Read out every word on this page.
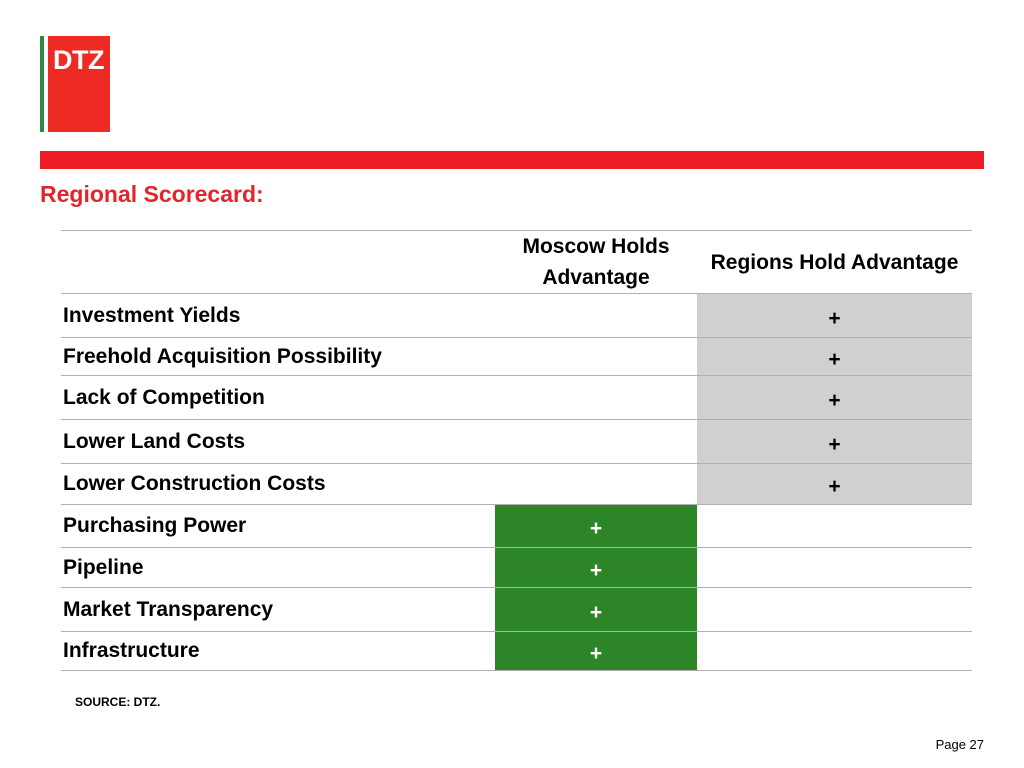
DTZ
Regional Scorecard:
	Moscow Holds Advantage	Regions Hold Advantage
Investment Yields		+
Freehold Acquisition Possibility		+
Lack of Competition		+
Lower Land Costs		+
Lower Construction Costs		+
Purchasing Power	+	
Pipeline	+	
Market Transparency	+	
Infrastructure	+	
SOURCE: DTZ.
Page 27
